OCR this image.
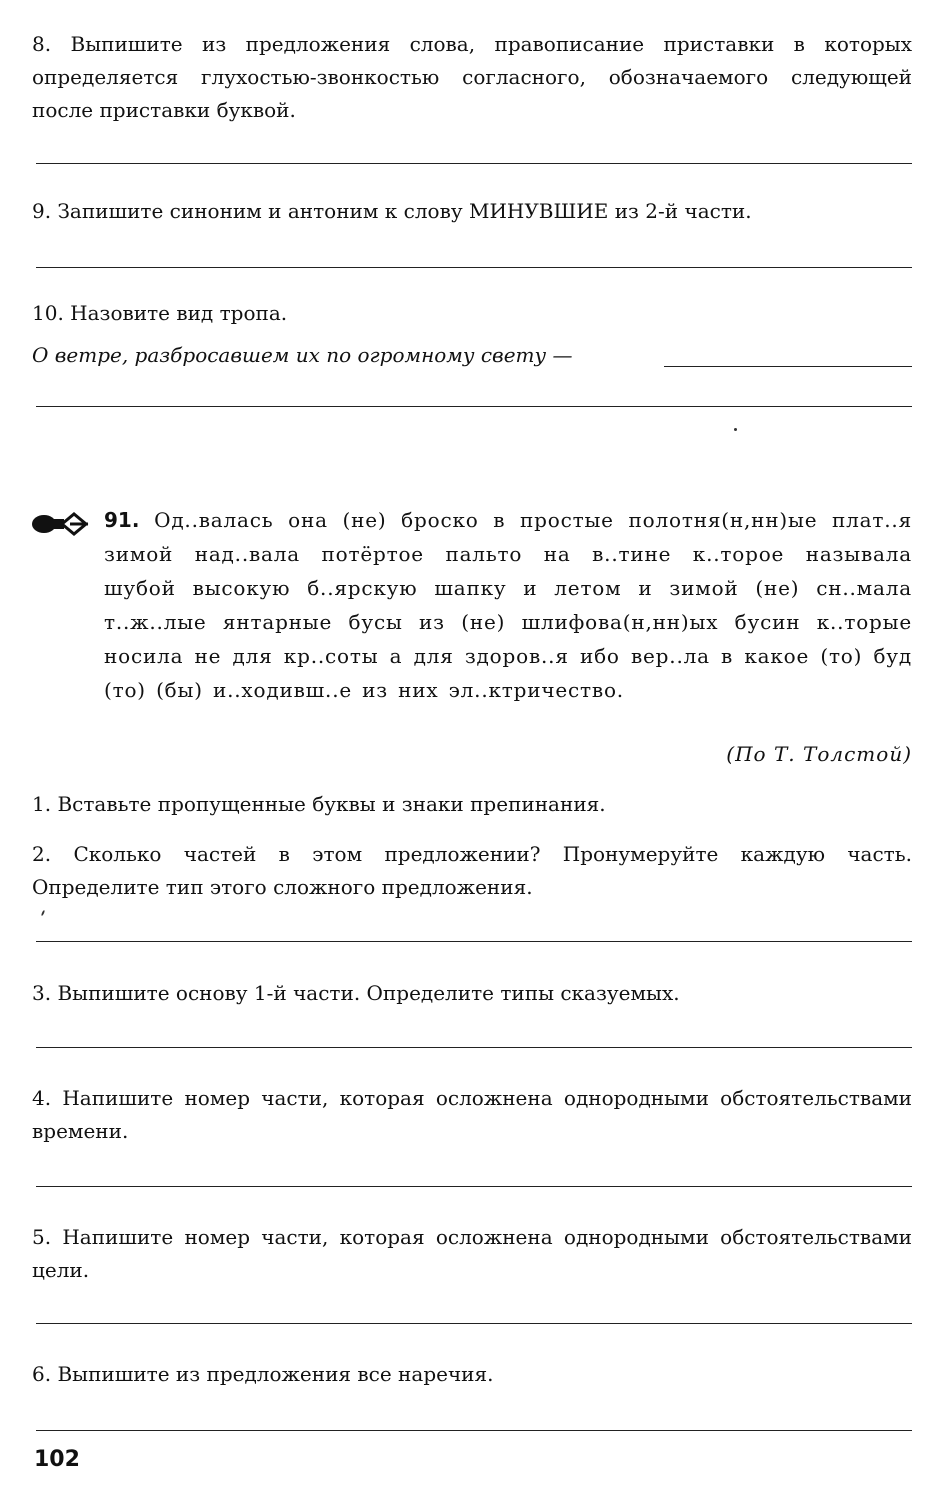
8. Выпишите из предложения слова, правописание приставки в которых определяется глухостью-звонкостью согласного, обозначаемого следующей после приставки буквой.

9. Запишите синоним и антоним к слову МИНУВШИЕ из 2-й части.

10. Назовите вид тропа.

О ветре, разбросавшем их по огромному свету —

91. Од..валась она (не) броско в простые полотня(н,нн)ые плат..я зимой над..вала потёртое пальто на в..тине к..торое называла шубой высокую б..ярскую шапку и летом и зимой (не) сн..мала т..ж..лые янтарные бусы из (не) шлифова(н,нн)ых бусин к..торые носила не для кр..соты а для здоров..я ибо вер..ла в какое (то) буд (то) (бы) и..ходивш..е из них эл..ктричество.

(По Т. Толстой)

1. Вставьте пропущенные буквы и знаки препинания.

2. Сколько частей в этом предложении? Пронумеруйте каждую часть. Определите тип этого сложного предложения.

3. Выпишите основу 1-й части. Определите типы сказуемых.

4. Напишите номер части, которая осложнена однородными обстоятельствами времени.

5. Напишите номер части, которая осложнена однородными обстоятельствами цели.

6. Выпишите из предложения все наречия.

102
